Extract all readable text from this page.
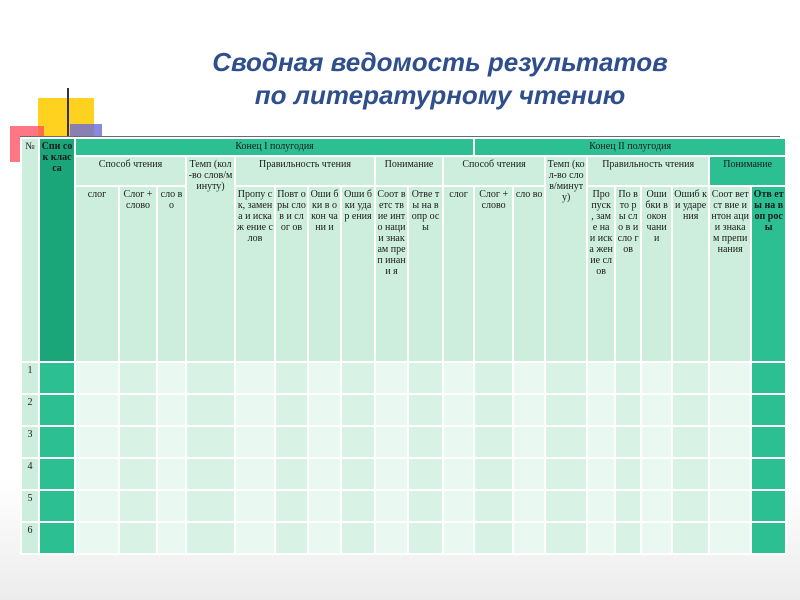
Сводная ведомость результатов
по литературному чтению
№	Спи сок клас са	Конец I полугодия											Конец II полугодия								
		Способ чтения			Темп (кол-во слов/минуту)	Правильность чтения				Понимание		Способ чтения			Темп (кол-во слов/минуту)	Правильность чтения				Понимание	
		слог	Слог + слово	сло во		Пропу ск, замен а и искаж ение слов	Повт оры слов и слог ов	Оши бки в окон чани и	Оши бки удар ения	Соот ветс твие инто наци и знак ам преп инани я	Отве ты на вопр осы	слог	Слог + слово	сло во		Про пуск , заме на и иска жен ие слов	По вто ры сло в и сло гов	Оши бки в окон чани и	Ошиб ки ударе ния	Соот ветст вие интон ации знака м препи нания	Отв еты на воп рос ы
1																					
2																					
3																					
4																					
5																					
6																					
